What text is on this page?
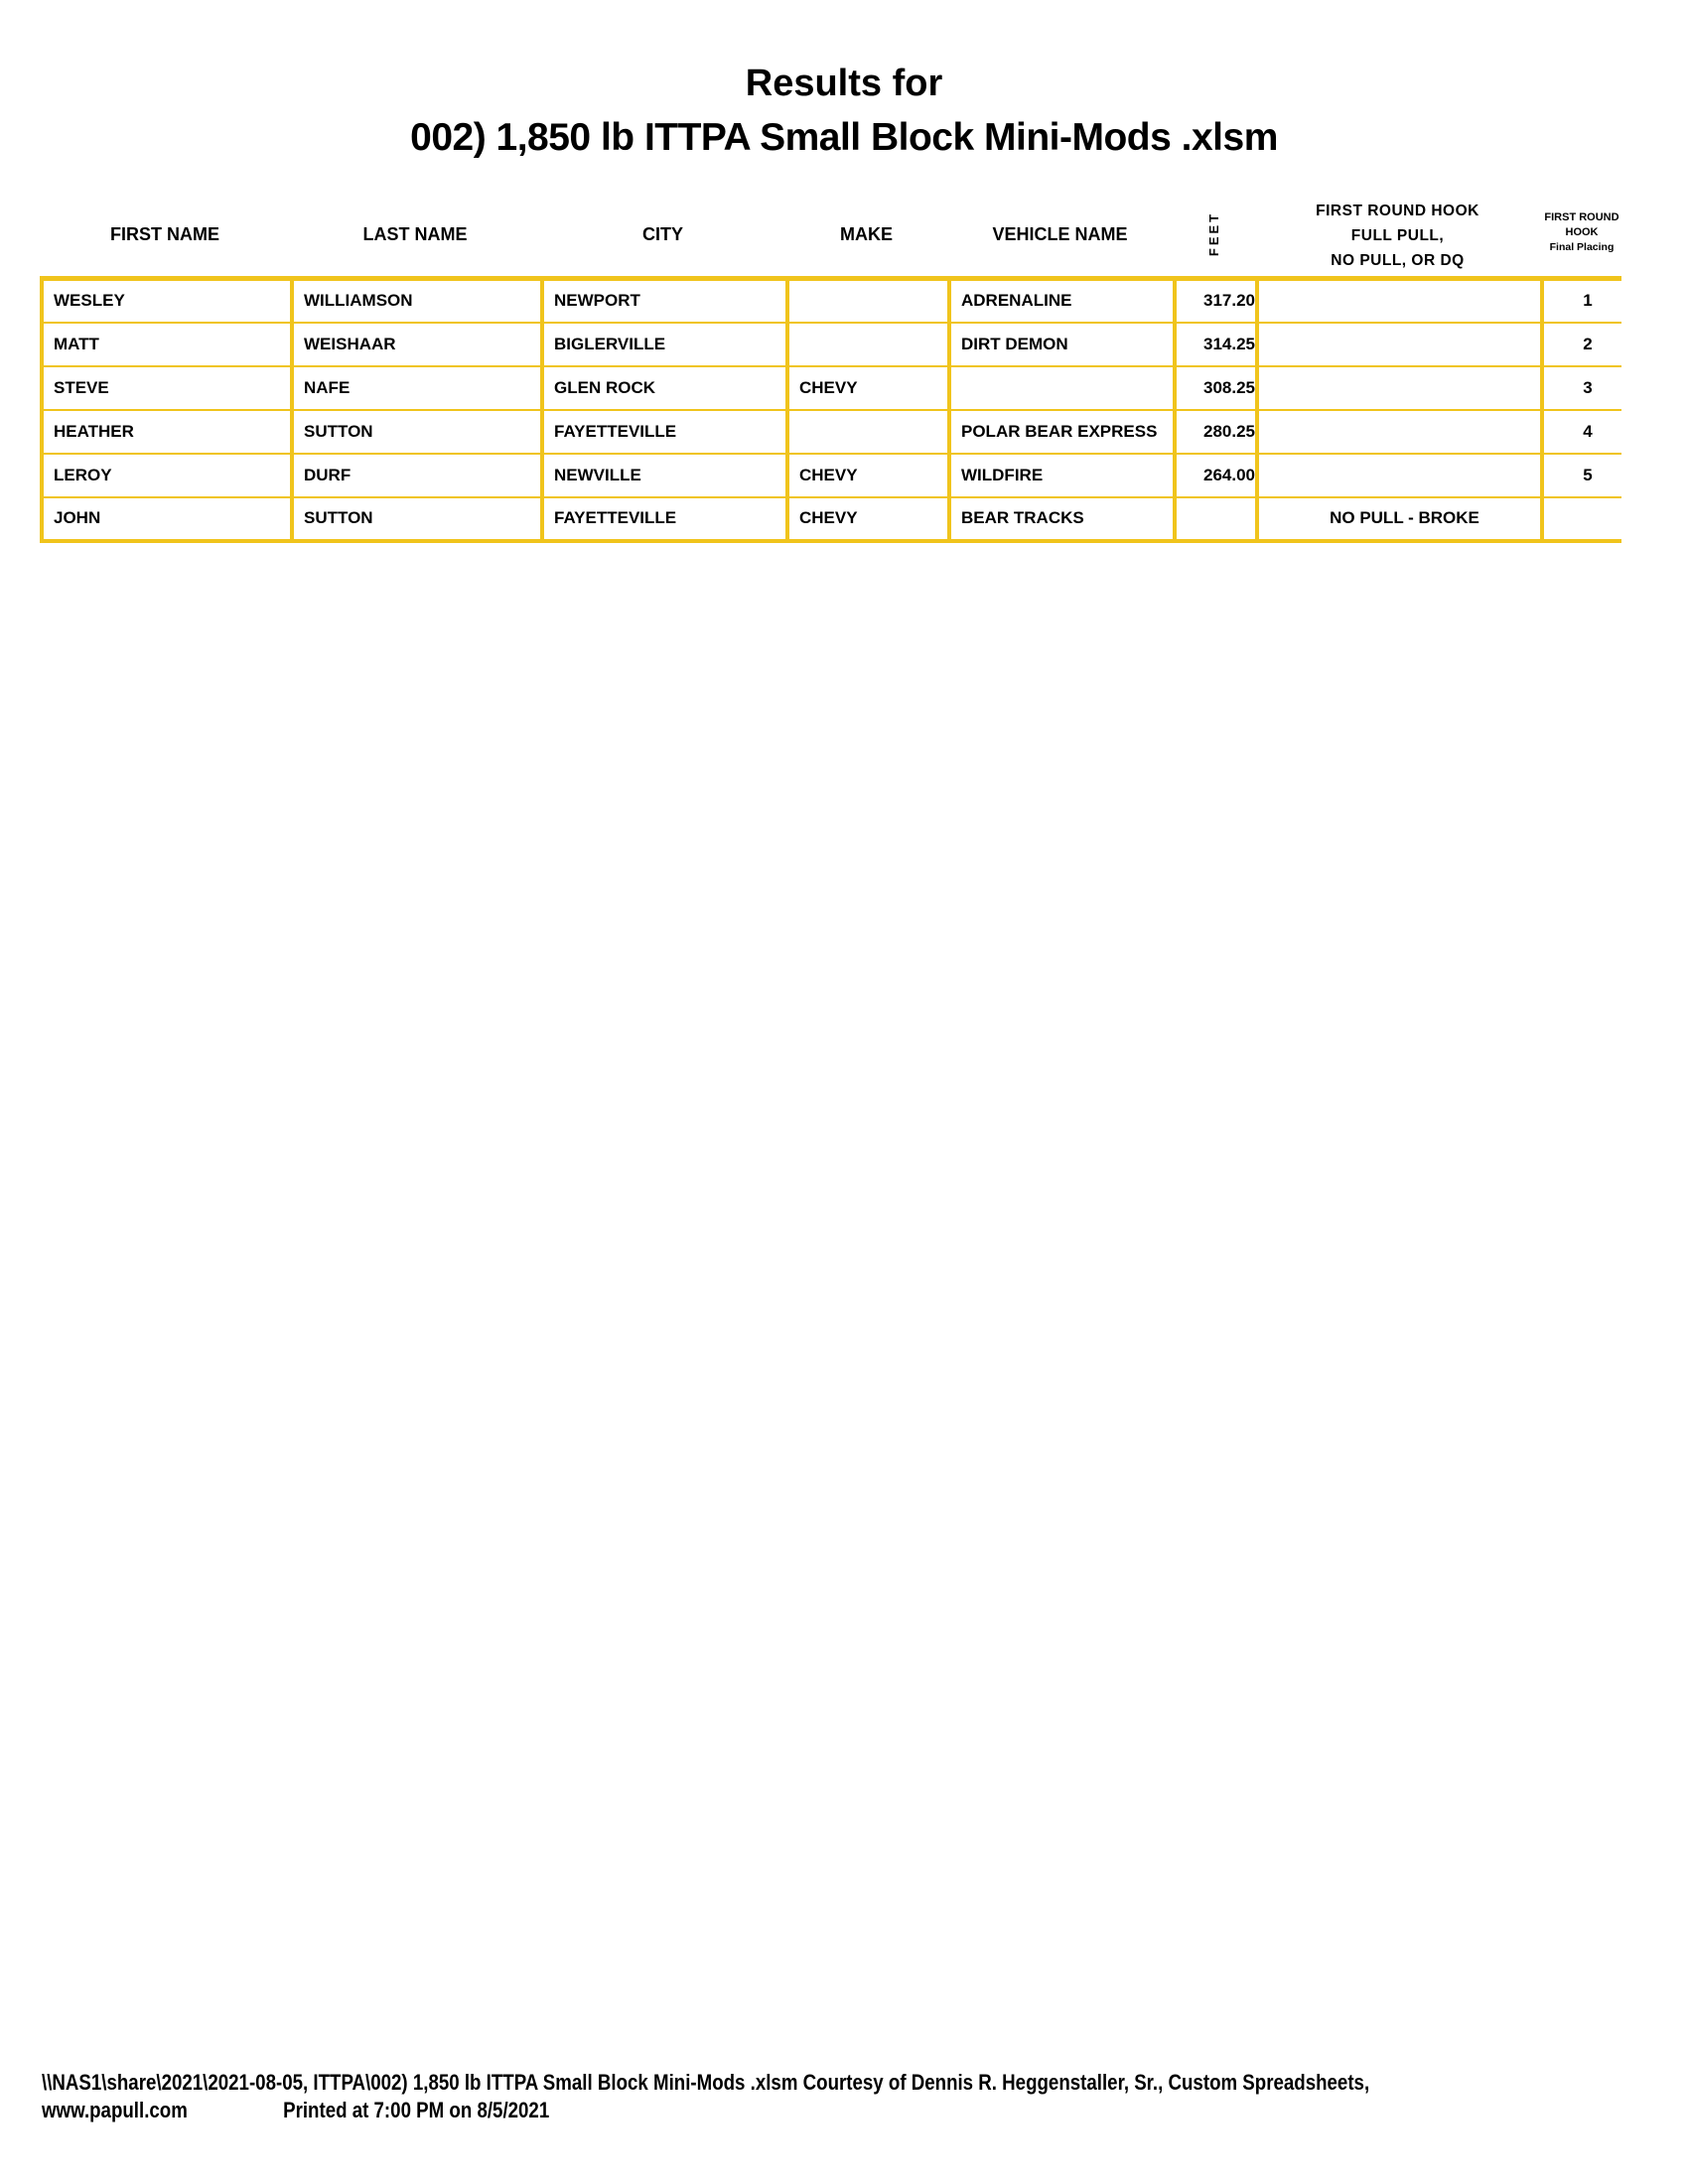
Results for
002) 1,850 lb ITTPA Small Block Mini-Mods .xlsm
FIRST NAME	LAST NAME	CITY	MAKE	VEHICLE NAME	FEET	FIRST ROUND HOOK
FULL PULL,
NO PULL, OR DQ
FIRST ROUND
HOOK
Final Placing
WESLEY	WILLIAMSON	NEWPORT		ADRENALINE	317.20		1
MATT	WEISHAAR	BIGLERVILLE		DIRT DEMON	314.25		2
STEVE	NAFE	GLEN ROCK	CHEVY		308.25		3
HEATHER	SUTTON	FAYETTEVILLE		POLAR BEAR EXPRESS	280.25		4
LEROY	DURF	NEWVILLE	CHEVY	WILDFIRE	264.00		5
JOHN	SUTTON	FAYETTEVILLE	CHEVY	BEAR TRACKS		NO PULL - BROKE	
\\NAS1\share\2021\2021-08-05, ITTPA\002) 1,850 lb ITTPA Small Block Mini-Mods .xlsm Courtesy of Dennis R. Heggenstaller, Sr., Custom Spreadsheets,
www.papull.com	Printed at 7:00 PM on 8/5/2021
